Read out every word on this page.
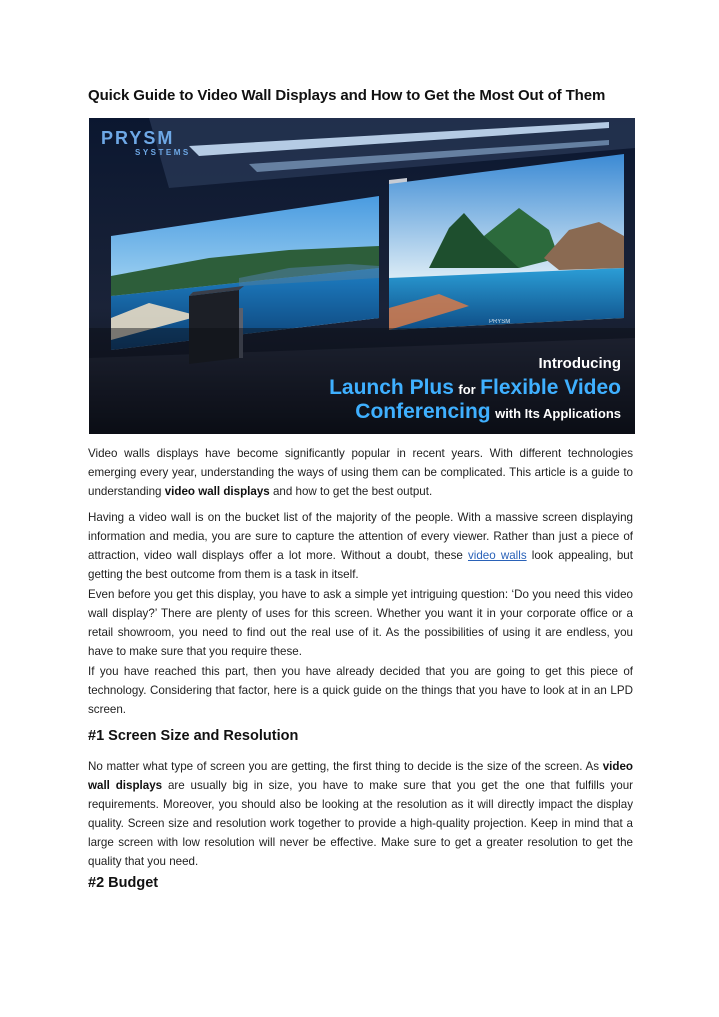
Quick Guide to Video Wall Displays and How to Get the Most Out of Them
PRYSM
PRYSM
SYSTEMS
Introducing
Launch Plus for Flexible Video
Conferencing with Its Applications

Video walls displays have become significantly popular in recent years. With different technologies emerging every year, understanding the ways of using them can be complicated. This article is a guide to understanding video wall displays and how to get the best output.

Having a video wall is on the bucket list of the majority of the people. With a massive screen displaying information and media, you are sure to capture the attention of every viewer. Rather than just a piece of attraction, video wall displays offer a lot more. Without a doubt, these video walls look appealing, but getting the best outcome from them is a task in itself.

Even before you get this display, you have to ask a simple yet intriguing question: ‘Do you need this video wall display?’ There are plenty of uses for this screen. Whether you want it in your corporate office or a retail showroom, you need to find out the real use of it. As the possibilities of using it are endless, you have to make sure that you require these.

If you have reached this part, then you have already decided that you are going to get this piece of technology. Considering that factor, here is a quick guide on the things that you have to look at in an LPD screen.

#1 Screen Size and Resolution

No matter what type of screen you are getting, the first thing to decide is the size of the screen. As video wall displays are usually big in size, you have to make sure that you get the one that fulfills your requirements. Moreover, you should also be looking at the resolution as it will directly impact the display quality. Screen size and resolution work together to provide a high-quality projection. Keep in mind that a large screen with low resolution will never be effective. Make sure to get a greater resolution to get the quality that you need.

#2 Budget
